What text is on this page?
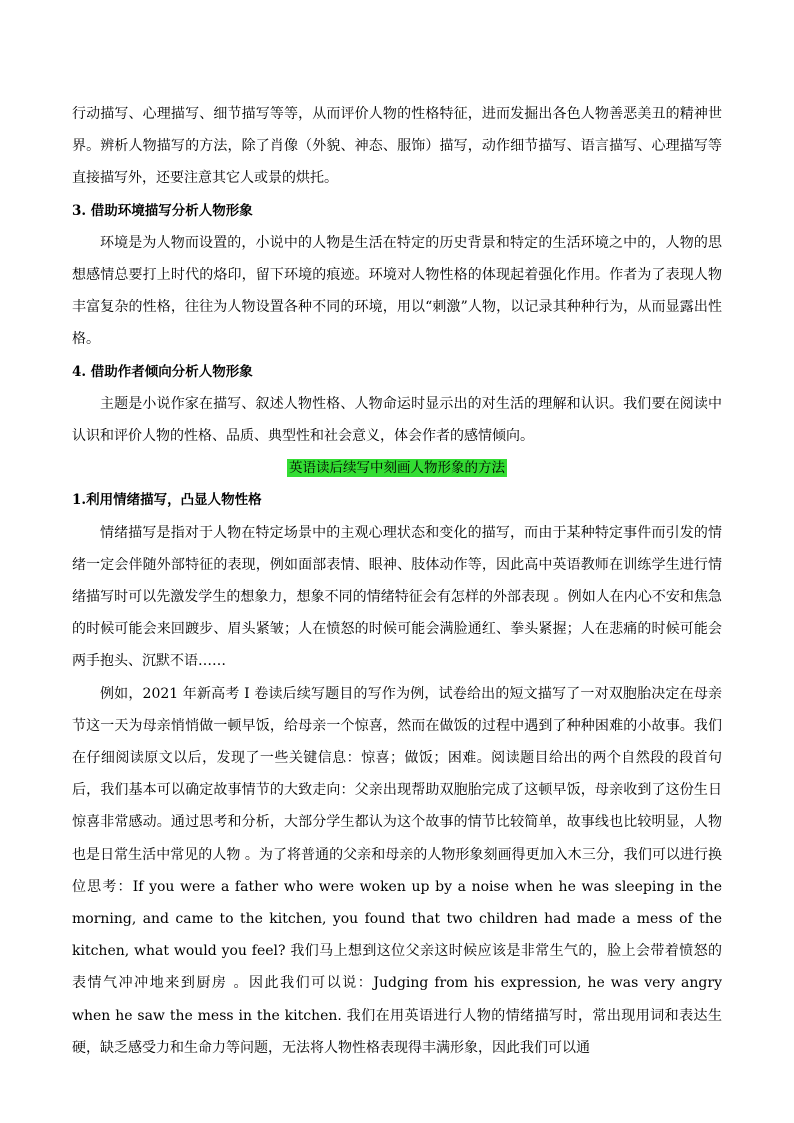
行动描写、心理描写、细节描写等等，从而评价人物的性格特征，进而发掘出各色人物善恶美丑的精神世界。辨析人物描写的方法，除了肖像（外貌、神态、服饰）描写，动作细节描写、语言描写、心理描写等直接描写外，还要注意其它人或景的烘托。

3. 借助环境描写分析人物形象

环境是为人物而设置的，小说中的人物是生活在特定的历史背景和特定的生活环境之中的，人物的思想感情总要打上时代的烙印，留下环境的痕迹。环境对人物性格的体现起着强化作用。作者为了表现人物丰富复杂的性格，往往为人物设置各种不同的环境，用以“刺激”人物，以记录其种种行为，从而显露出性格。

4. 借助作者倾向分析人物形象

主题是小说作家在描写、叙述人物性格、人物命运时显示出的对生活的理解和认识。我们要在阅读中认识和评价人物的性格、品质、典型性和社会意义，体会作者的感情倾向。

英语读后续写中刻画人物形象的方法

1.利用情绪描写，凸显人物性格

情绪描写是指对于人物在特定场景中的主观心理状态和变化的描写，而由于某种特定事件而引发的情绪一定会伴随外部特征的表现，例如面部表情、眼神、肢体动作等，因此高中英语教师在训练学生进行情绪描写时可以先激发学生的想象力，想象不同的情绪特征会有怎样的外部表现 。例如人在内心不安和焦急的时候可能会来回踱步、眉头紧皱；人在愤怒的时候可能会满脸通红、拳头紧握；人在悲痛的时候可能会两手抱头、沉默不语……

例如，2021 年新高考 I 卷读后续写题目的写作为例，试卷给出的短文描写了一对双胞胎决定在母亲节这一天为母亲悄悄做一顿早饭，给母亲一个惊喜，然而在做饭的过程中遇到了种种困难的小故事。我们在仔细阅读原文以后，发现了一些关键信息：惊喜；做饭；困难。阅读题目给出的两个自然段的段首句后，我们基本可以确定故事情节的大致走向：父亲出现帮助双胞胎完成了这顿早饭，母亲收到了这份生日惊喜非常感动。通过思考和分析，大部分学生都认为这个故事的情节比较简单，故事线也比较明显，人物也是日常生活中常见的人物 。为了将普通的父亲和母亲的人物形象刻画得更加入木三分，我们可以进行换位思考：If you were a father who were woken up by a noise when he was sleeping in the morning, and came to the kitchen, you found that two children had made a mess of the kitchen, what would you feel? 我们马上想到这位父亲这时候应该是非常生气的，脸上会带着愤怒的表情气冲冲地来到厨房 。因此我们可以说：Judging from his expression, he was very angry when he saw the mess in the kitchen. 我们在用英语进行人物的情绪描写时，常出现用词和表达生硬，缺乏感受力和生命力等问题，无法将人物性格表现得丰满形象，因此我们可以通
